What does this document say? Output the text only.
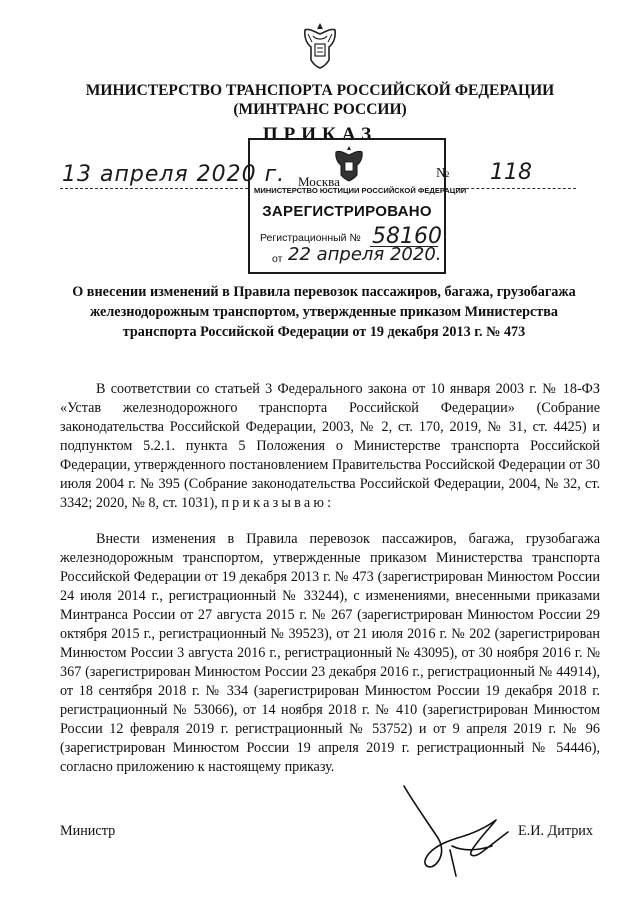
МИНИСТЕРСТВО ТРАНСПОРТА РОССИЙСКОЙ ФЕДЕРАЦИИ
(МИНТРАНС РОССИИ)
ПРИКАЗ
13 апреля 2020 г.	№ 118
МИНИСТЕРСТВО ЮСТИЦИИ РОССИЙСКОЙ ФЕДЕРАЦИИ
ЗАРЕГИСТРИРОВАНО
Регистрационный № 58160
от 22 апреля 2020.
Москва
О внесении изменений в Правила перевозок пассажиров, багажа, грузобагажа железнодорожным транспортом, утвержденные приказом Министерства транспорта Российской Федерации от 19 декабря 2013 г. № 473
В соответствии со статьей 3 Федерального закона от 10 января 2003 г. № 18-ФЗ «Устав железнодорожного транспорта Российской Федерации» (Собрание законодательства Российской Федерации, 2003, № 2, ст. 170, 2019, № 31, ст. 4425) и подпунктом 5.2.1. пункта 5 Положения о Министерстве транспорта Российской Федерации, утвержденного постановлением Правительства Российской Федерации от 30 июля 2004 г. № 395 (Собрание законодательства Российской Федерации, 2004, № 32, ст. 3342; 2020, № 8, ст. 1031), приказываю:
Внести изменения в Правила перевозок пассажиров, багажа, грузобагажа железнодорожным транспортом, утвержденные приказом Министерства транспорта Российской Федерации от 19 декабря 2013 г. № 473 (зарегистрирован Минюстом России 24 июля 2014 г., регистрационный № 33244), с изменениями, внесенными приказами Минтранса России от 27 августа 2015 г. № 267 (зарегистрирован Минюстом России 29 октября 2015 г., регистрационный № 39523), от 21 июля 2016 г. № 202 (зарегистрирован Минюстом России 3 августа 2016 г., регистрационный № 43095), от 30 ноября 2016 г. № 367 (зарегистрирован Минюстом России 23 декабря 2016 г., регистрационный № 44914), от 18 сентября 2018 г. № 334 (зарегистрирован Минюстом России 19 декабря 2018 г. регистрационный № 53066), от 14 ноября 2018 г. № 410 (зарегистрирован Минюстом России 12 февраля 2019 г. регистрационный № 53752) и от 9 апреля 2019 г. № 96 (зарегистрирован Минюстом России 19 апреля 2019 г. регистрационный № 54446), согласно приложению к настоящему приказу.
Министр	Е.И. Дитрих
